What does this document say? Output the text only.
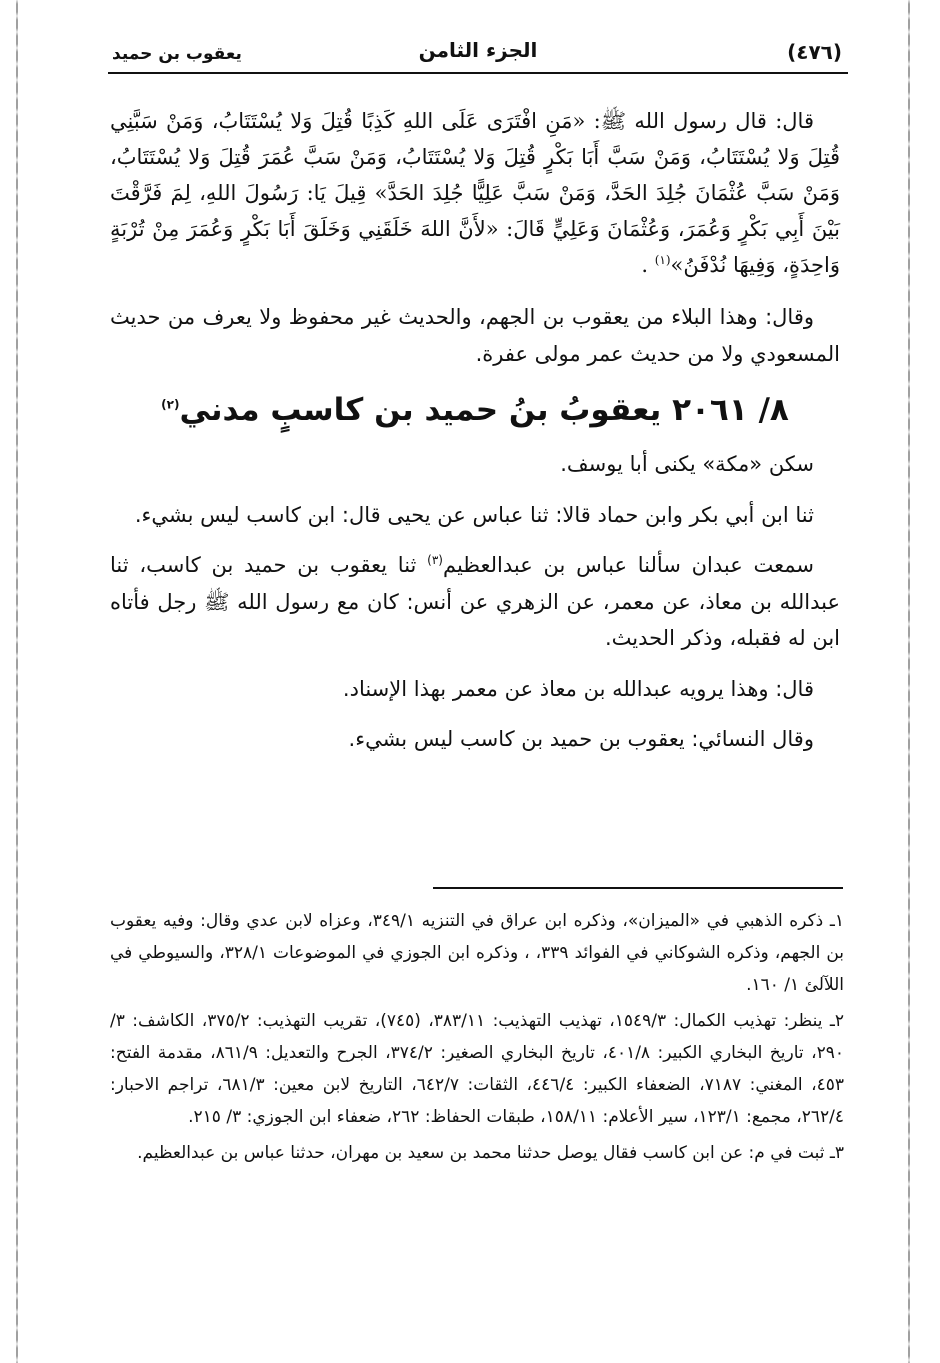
(٤٧٦)
الجزء الثامن
يعقوب بن حميد

قال: قال رسول الله ﷺ: «مَنِ افْتَرَى عَلَى اللهِ كَذِبًا قُتِلَ وَلا يُسْتَتَابُ، وَمَنْ سَبَّنِي قُتِلَ وَلا يُسْتَتَابُ، وَمَنْ سَبَّ أَبَا بَكْرٍ قُتِلَ وَلا يُسْتَتَابُ، وَمَنْ سَبَّ عُمَرَ قُتِلَ وَلا يُسْتَتَابُ، وَمَنْ سَبَّ عُثْمَانَ جُلِدَ الحَدَّ، وَمَنْ سَبَّ عَلِيًّا جُلِدَ الحَدَّ» قِيلَ يَا: رَسُولَ اللهِ، لِمَ فَرَّقْتَ بَيْنَ أَبِي بَكْرٍ وَعُمَرَ، وَعُثْمَانَ وَعَلِيٍّ قَالَ: «لأَنَّ اللهَ خَلَقَنِي وَخَلَقَ أَبَا بَكْرٍ وَعُمَرَ مِنْ تُرْبَةٍ وَاحِدَةٍ، وَفِيهَا نُدْفَنُ»$^{(١)}$ .

وقال: وهذا البلاء من يعقوب بن الجهم، والحديث غير محفوظ ولا يعرف من حديث المسعودي ولا من حديث عمر مولى عفرة.

٨/ ٢٠٦١ يعقوبُ بنُ حميد بن كاسبٍ مدني$^{(٢)}$

سكن «مكة» يكنى أبا يوسف.

ثنا ابن أبي بكر وابن حماد قالا: ثنا عباس عن يحيى قال: ابن كاسب ليس بشيء.

سمعت عبدان سألنا عباس بن عبدالعظيم$^{(٣)}$ ثنا يعقوب بن حميد بن كاسب، ثنا عبدالله بن معاذ، عن معمر، عن الزهري عن أنس: كان مع رسول الله ﷺ رجل فأتاه ابن له فقبله، وذكر الحديث.

قال: وهذا يرويه عبدالله بن معاذ عن معمر بهذا الإسناد.

وقال النسائي: يعقوب بن حميد بن كاسب ليس بشيء.

١ـ ذكره الذهبي في «الميزان»، وذكره ابن عراق في التنزيه ٣٤٩/١، وعزاه لابن عدي وقال: وفيه يعقوب بن الجهم، وذكره الشوكاني في الفوائد ٣٣٩، ، وذكره ابن الجوزي في الموضوعات ٣٢٨/١، والسيوطي في اللآلئ ١/ ١٦٠.

٢ـ ينظر: تهذيب الكمال: ١٥٤٩/٣، تهذيب التهذيب: ٣٨٣/١١، (٧٤٥)، تقريب التهذيب: ٣٧٥/٢، الكاشف: ٣/ ٢٩٠، تاريخ البخاري الكبير: ٤٠١/٨، تاريخ البخاري الصغير: ٣٧٤/٢، الجرح والتعديل: ٨٦١/٩، مقدمة الفتح: ٤٥٣، المغني: ٧١٨٧، الضعفاء الكبير: ٤٤٦/٤، الثقات: ٦٤٢/٧، التاريخ لابن معين: ٦٨١/٣، تراجم الاحبار: ٢٦٢/٤، مجمع: ١٢٣/١، سير الأعلام: ١٥٨/١١، طبقات الحفاظ: ٢٦٢، ضعفاء ابن الجوزي: ٣/ ٢١٥.

٣ـ ثبت في م: عن ابن كاسب فقال يوصل حدثنا محمد بن سعيد بن مهران، حدثنا عباس بن عبدالعظيم.
